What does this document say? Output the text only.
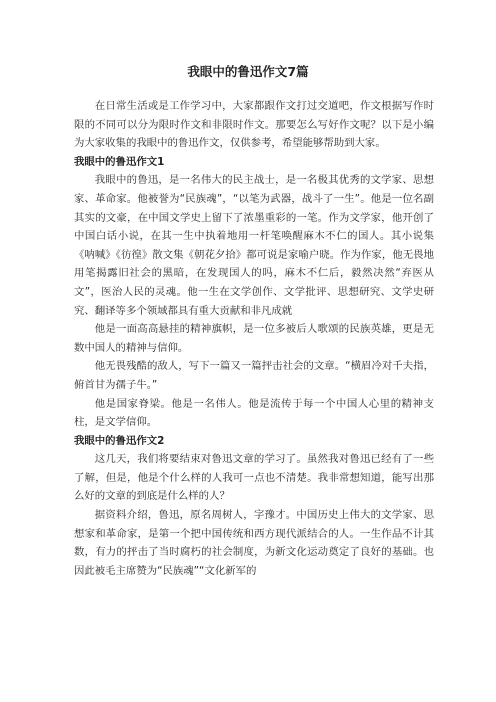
我眼中的鲁迅作文7篇

在日常生活或是工作学习中，大家都跟作文打过交道吧，作文根据写作时限的不同可以分为限时作文和非限时作文。那要怎么写好作文呢？以下是小编为大家收集的我眼中的鲁迅作文，仅供参考，希望能够帮助到大家。

我眼中的鲁迅作文1

我眼中的鲁迅，是一名伟大的民主战士，是一名极其优秀的文学家、思想家、革命家。他被誉为“民族魂”，“以笔为武器，战斗了一生”。他是一位名副其实的文豪，在中国文学史上留下了浓墨重彩的一笔。作为文学家，他开创了中国白话小说，在其一生中执着地用一杆笔唤醒麻木不仁的国人。其小说集《呐喊》《彷徨》散文集《朝花夕拾》都可说是家喻户晓。作为作家，他无畏地用笔揭露旧社会的黑暗，在发现国人的吗，麻木不仁后，毅然决然“弃医从文”，医治人民的灵魂。他一生在文学创作、文学批评、思想研究、文学史研究、翻译等多个领域都具有重大贡献和非凡成就

他是一面高高悬挂的精神旗帜，是一位多被后人歌颂的民族英雄，更是无数中国人的精神与信仰。

他无畏残酷的敌人，写下一篇又一篇抨击社会的文章。“横眉冷对千夫指，俯首甘为孺子牛。”

他是国家脊梁。他是一名伟人。他是流传于每一个中国人心里的精神支柱，是文学信仰。

我眼中的鲁迅作文2

这几天，我们将要结束对鲁迅文章的学习了。虽然我对鲁迅已经有了一些了解，但是，他是个什么样的人我可一点也不清楚。我非常想知道，能写出那么好的文章的到底是什么样的人？

据资料介绍，鲁迅，原名周树人，字豫才。中国历史上伟大的文学家、思想家和革命家，是第一个把中国传统和西方现代派结合的人。一生作品不计其数，有力的抨击了当时腐朽的社会制度，为新文化运动奠定了良好的基础。也因此被毛主席赞为“民族魂”“文化新军的
